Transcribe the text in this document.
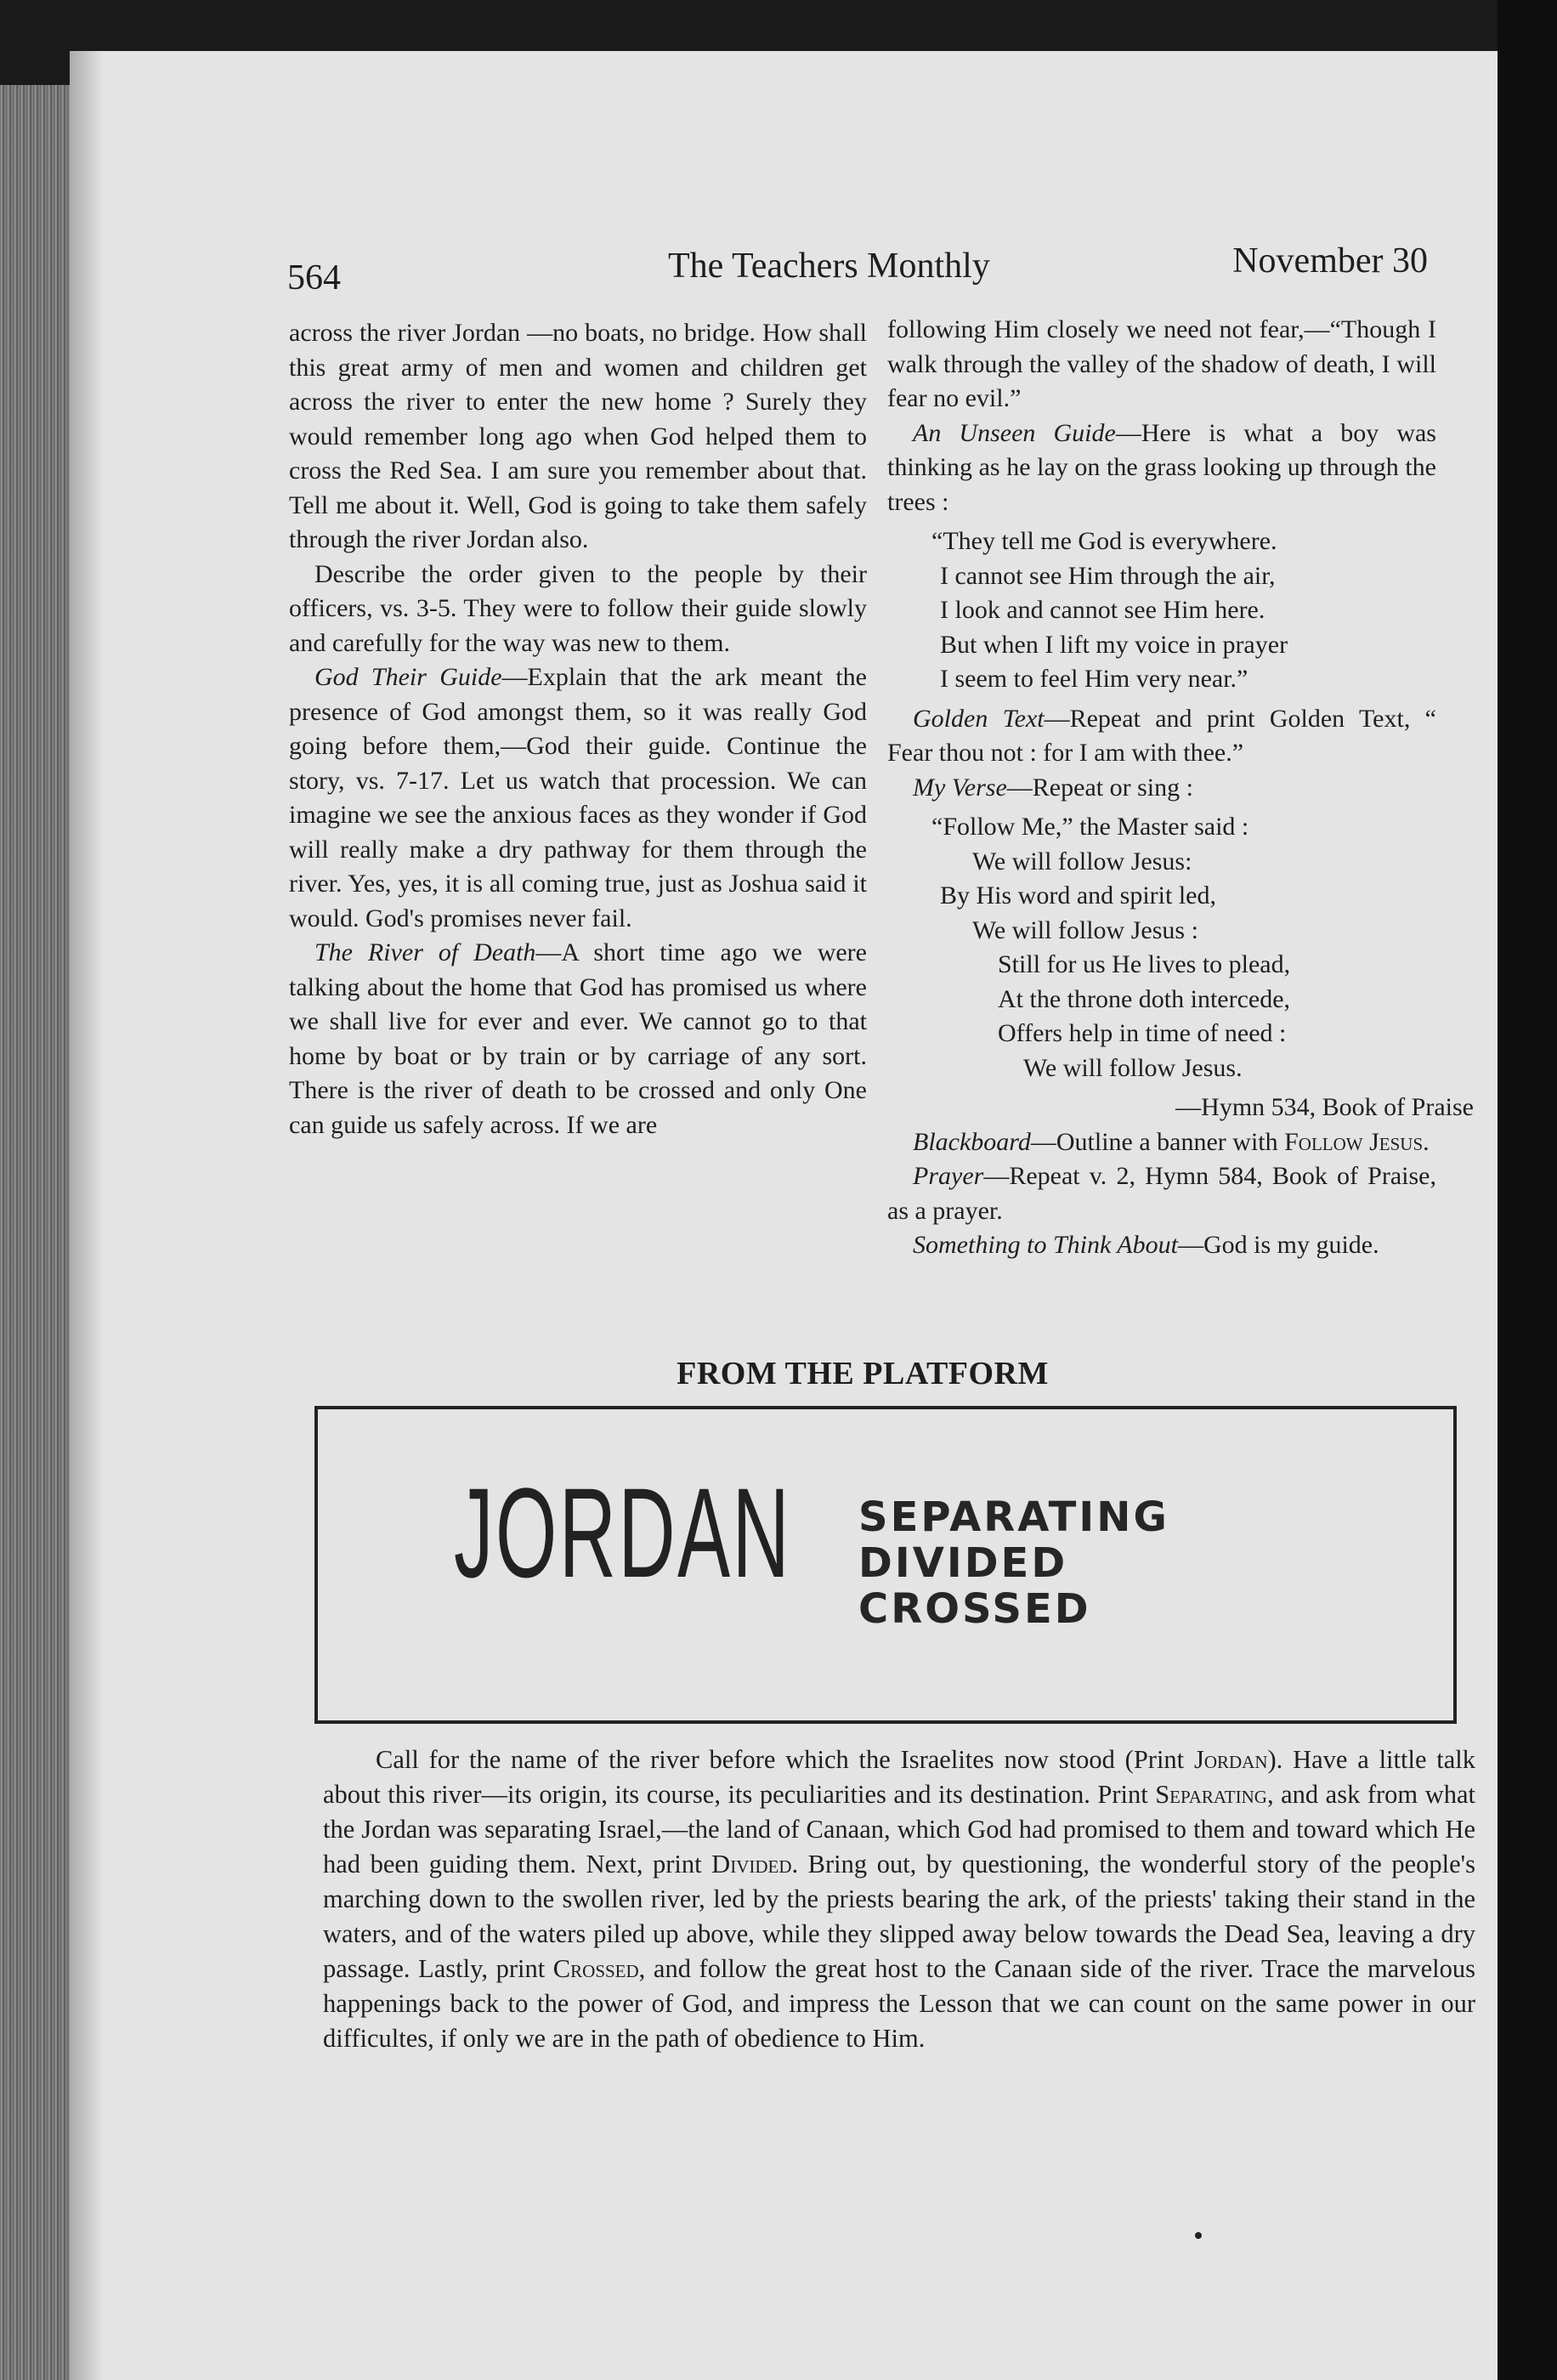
564	The Teachers Monthly	November 30

across the river Jordan —no boats, no bridge. How shall this great army of men and women and children get across the river to enter the new home ? Surely they would remember long ago when God helped them to cross the Red Sea. I am sure you remember about that. Tell me about it. Well, God is going to take them safely through the river Jordan also.

Describe the order given to the people by their officers, vs. 3-5. They were to follow their guide slowly and carefully for the way was new to them.

God Their Guide—Explain that the ark meant the presence of God amongst them, so it was really God going before them,—God their guide. Continue the story, vs. 7-17. Let us watch that procession. We can imagine we see the anxious faces as they wonder if God will really make a dry pathway for them through the river. Yes, yes, it is all coming true, just as Joshua said it would. God's promises never fail.

The River of Death—A short time ago we were talking about the home that God has promised us where we shall live for ever and ever. We cannot go to that home by boat or by train or by carriage of any sort. There is the river of death to be crossed and only One can guide us safely across. If we are

following Him closely we need not fear,—“Though I walk through the valley of the shadow of death, I will fear no evil.”

An Unseen Guide—Here is what a boy was thinking as he lay on the grass looking up through the trees :

“They tell me God is everywhere.
I cannot see Him through the air,
I look and cannot see Him here.
But when I lift my voice in prayer
I seem to feel Him very near.”

Golden Text—Repeat and print Golden Text, “ Fear thou not : for I am with thee.”

My Verse—Repeat or sing :

“Follow Me,” the Master said :
We will follow Jesus:
By His word and spirit led,
We will follow Jesus :
Still for us He lives to plead,
At the throne doth intercede,
Offers help in time of need :
We will follow Jesus.

—Hymn 534, Book of Praise

Blackboard—Outline a banner with Follow Jesus.

Prayer—Repeat v. 2, Hymn 584, Book of Praise, as a prayer.

Something to Think About—God is my guide.

FROM THE PLATFORM
JORDAN SEPARATING
DIVIDED
CROSSED

Call for the name of the river before which the Israelites now stood (Print Jordan). Have a little talk about this river—its origin, its course, its peculiarities and its destination. Print Separating, and ask from what the Jordan was separating Israel,—the land of Canaan, which God had promised to them and toward which He had been guiding them. Next, print Divided. Bring out, by questioning, the wonderful story of the people's marching down to the swollen river, led by the priests bearing the ark, of the priests' taking their stand in the waters, and of the waters piled up above, while they slipped away below towards the Dead Sea, leaving a dry passage. Lastly, print Crossed, and follow the great host to the Canaan side of the river. Trace the marvelous happenings back to the power of God, and impress the Lesson that we can count on the same power in our difficultes, if only we are in the path of obedience to Him.
